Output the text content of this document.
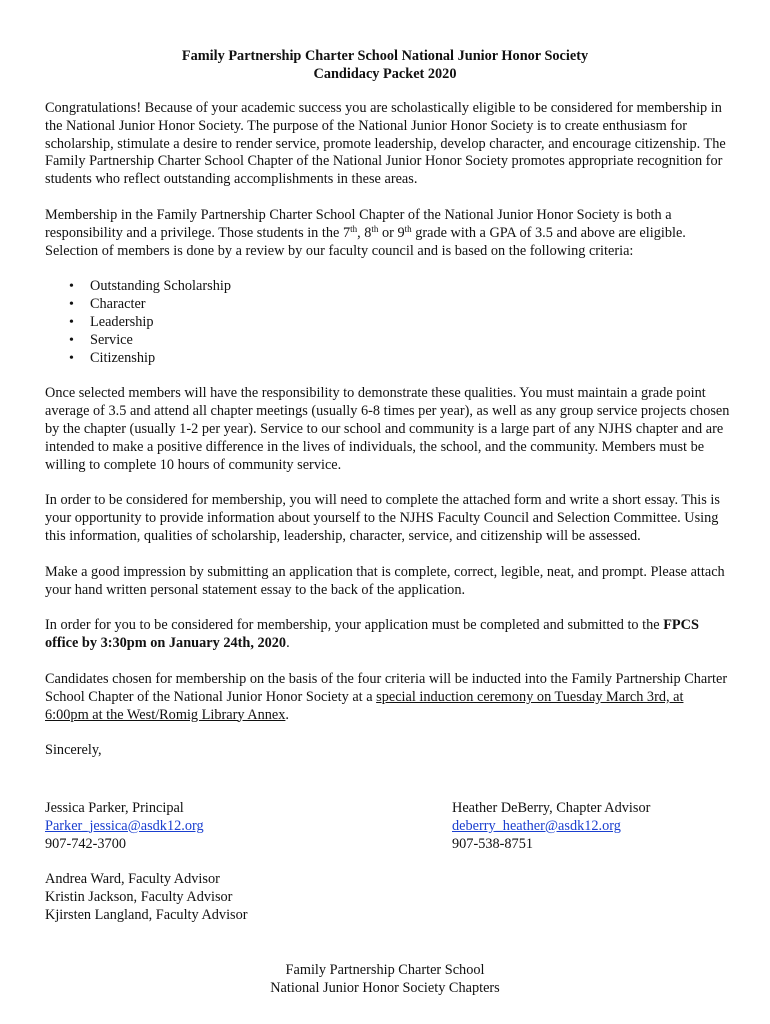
Family Partnership Charter School National Junior Honor Society
Candidacy Packet 2020

Congratulations! Because of your academic success you are scholastically eligible to be considered for membership in the National Junior Honor Society. The purpose of the National Junior Honor Society is to create enthusiasm for scholarship, stimulate a desire to render service, promote leadership, develop character, and encourage citizenship. The Family Partnership Charter School Chapter of the National Junior Honor Society promotes appropriate recognition for students who reflect outstanding accomplishments in these areas.

Membership in the Family Partnership Charter School Chapter of the National Junior Honor Society is both a responsibility and a privilege. Those students in the 7th, 8th or 9th grade with a GPA of 3.5 and above are eligible. Selection of members is done by a review by our faculty council and is based on the following criteria:

• Outstanding Scholarship
• Character
• Leadership
• Service
• Citizenship

Once selected members will have the responsibility to demonstrate these qualities. You must maintain a grade point average of 3.5 and attend all chapter meetings (usually 6-8 times per year), as well as any group service projects chosen by the chapter (usually 1-2 per year). Service to our school and community is a large part of any NJHS chapter and are intended to make a positive difference in the lives of individuals, the school, and the community. Members must be willing to complete 10 hours of community service.

In order to be considered for membership, you will need to complete the attached form and write a short essay. This is your opportunity to provide information about yourself to the NJHS Faculty Council and Selection Committee. Using this information, qualities of scholarship, leadership, character, service, and citizenship will be assessed.

Make a good impression by submitting an application that is complete, correct, legible, neat, and prompt. Please attach your hand written personal statement essay to the back of the application.

In order for you to be considered for membership, your application must be completed and submitted to the FPCS office by 3:30pm on January 24th, 2020.

Candidates chosen for membership on the basis of the four criteria will be inducted into the Family Partnership Charter School Chapter of the National Junior Honor Society at a special induction ceremony on Tuesday March 3rd, at 6:00pm at the West/Romig Library Annex.

Sincerely,

Jessica Parker, Principal
Parker_jessica@asdk12.org
907-742-3700
Heather DeBerry, Chapter Advisor
deberry_heather@asdk12.org
907-538-8751
Andrea Ward, Faculty Advisor
Kristin Jackson, Faculty Advisor
Kjirsten Langland, Faculty Advisor
Family Partnership Charter School
National Junior Honor Society Chapters
